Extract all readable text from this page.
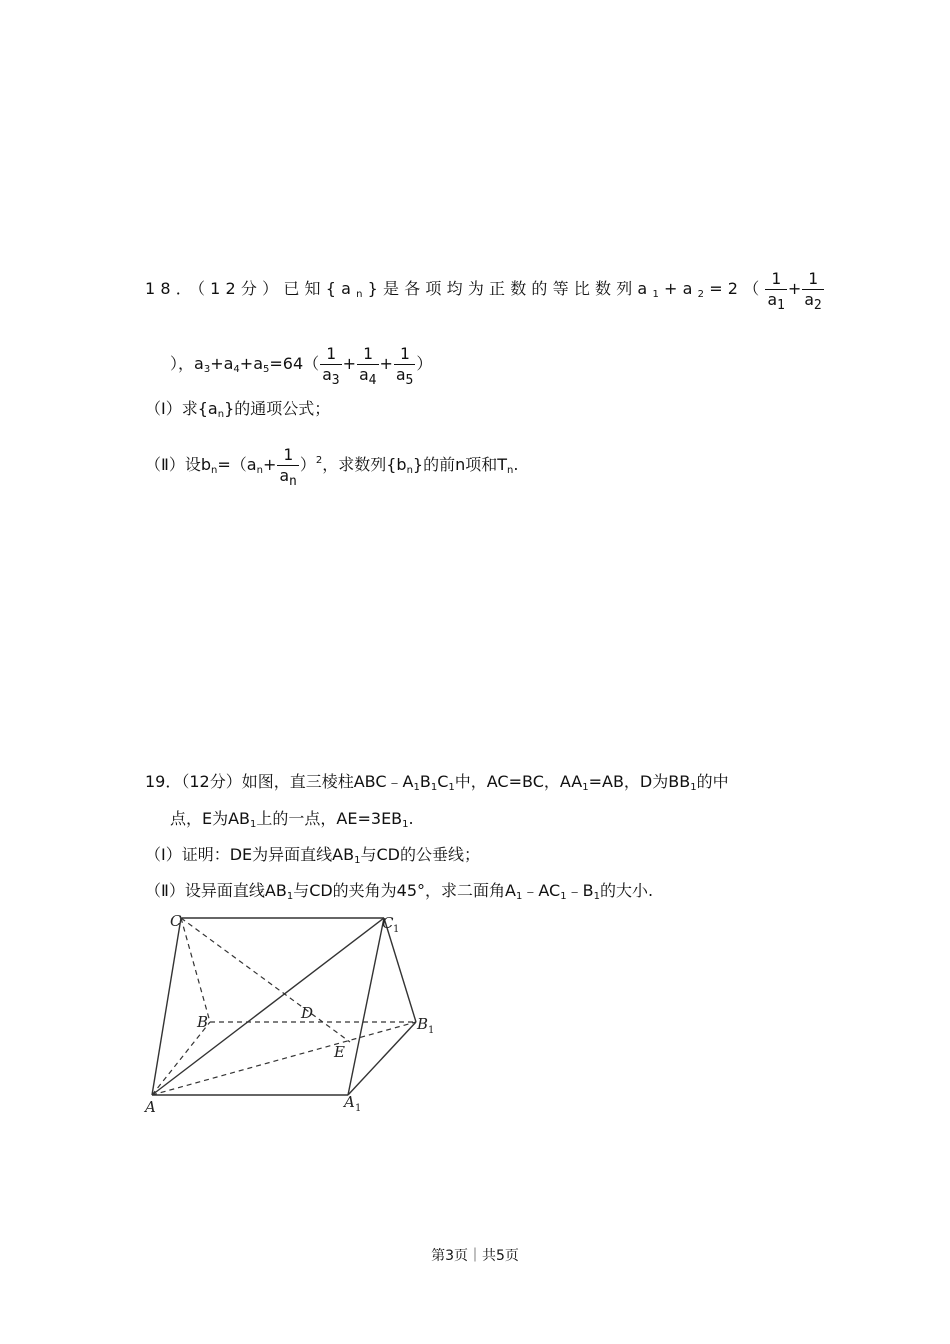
18．（12分）已知$\{a_n\}$是各项均为正数的等比数列$a_1+a_2=2( \frac{1}{a_1} + \frac{1}{a_2}$
），$a_3+a_4+a_5=64( \frac{1}{a_3} + \frac{1}{a_4} + \frac{1}{a_5}$ ）
（Ⅰ）求$\{a_n\}$的通项公式；
（Ⅱ）设$b_n=(a_n+ \frac{1}{a_n} )^2$，求数列$\{b_n\}$的前n项和$T_n$.
19．（12分）如图，直三棱柱$ABC﹣A_1B_1C_1$中，AC=BC，$AA_1=AB$，D为$BB_1$的中
点，E为$AB_1$上的一点，$AE=3EB_1$.
（Ⅰ）证明：DE为异面直线$AB_1$与CD的公垂线；
（Ⅱ）设异面直线$AB_1$与CD的夹角为45°，求二面角$A_1﹣AC_1﹣B_1$的大小.
C	C 1
B	D
B 1
E
A	A 1
第3页｜共5页
